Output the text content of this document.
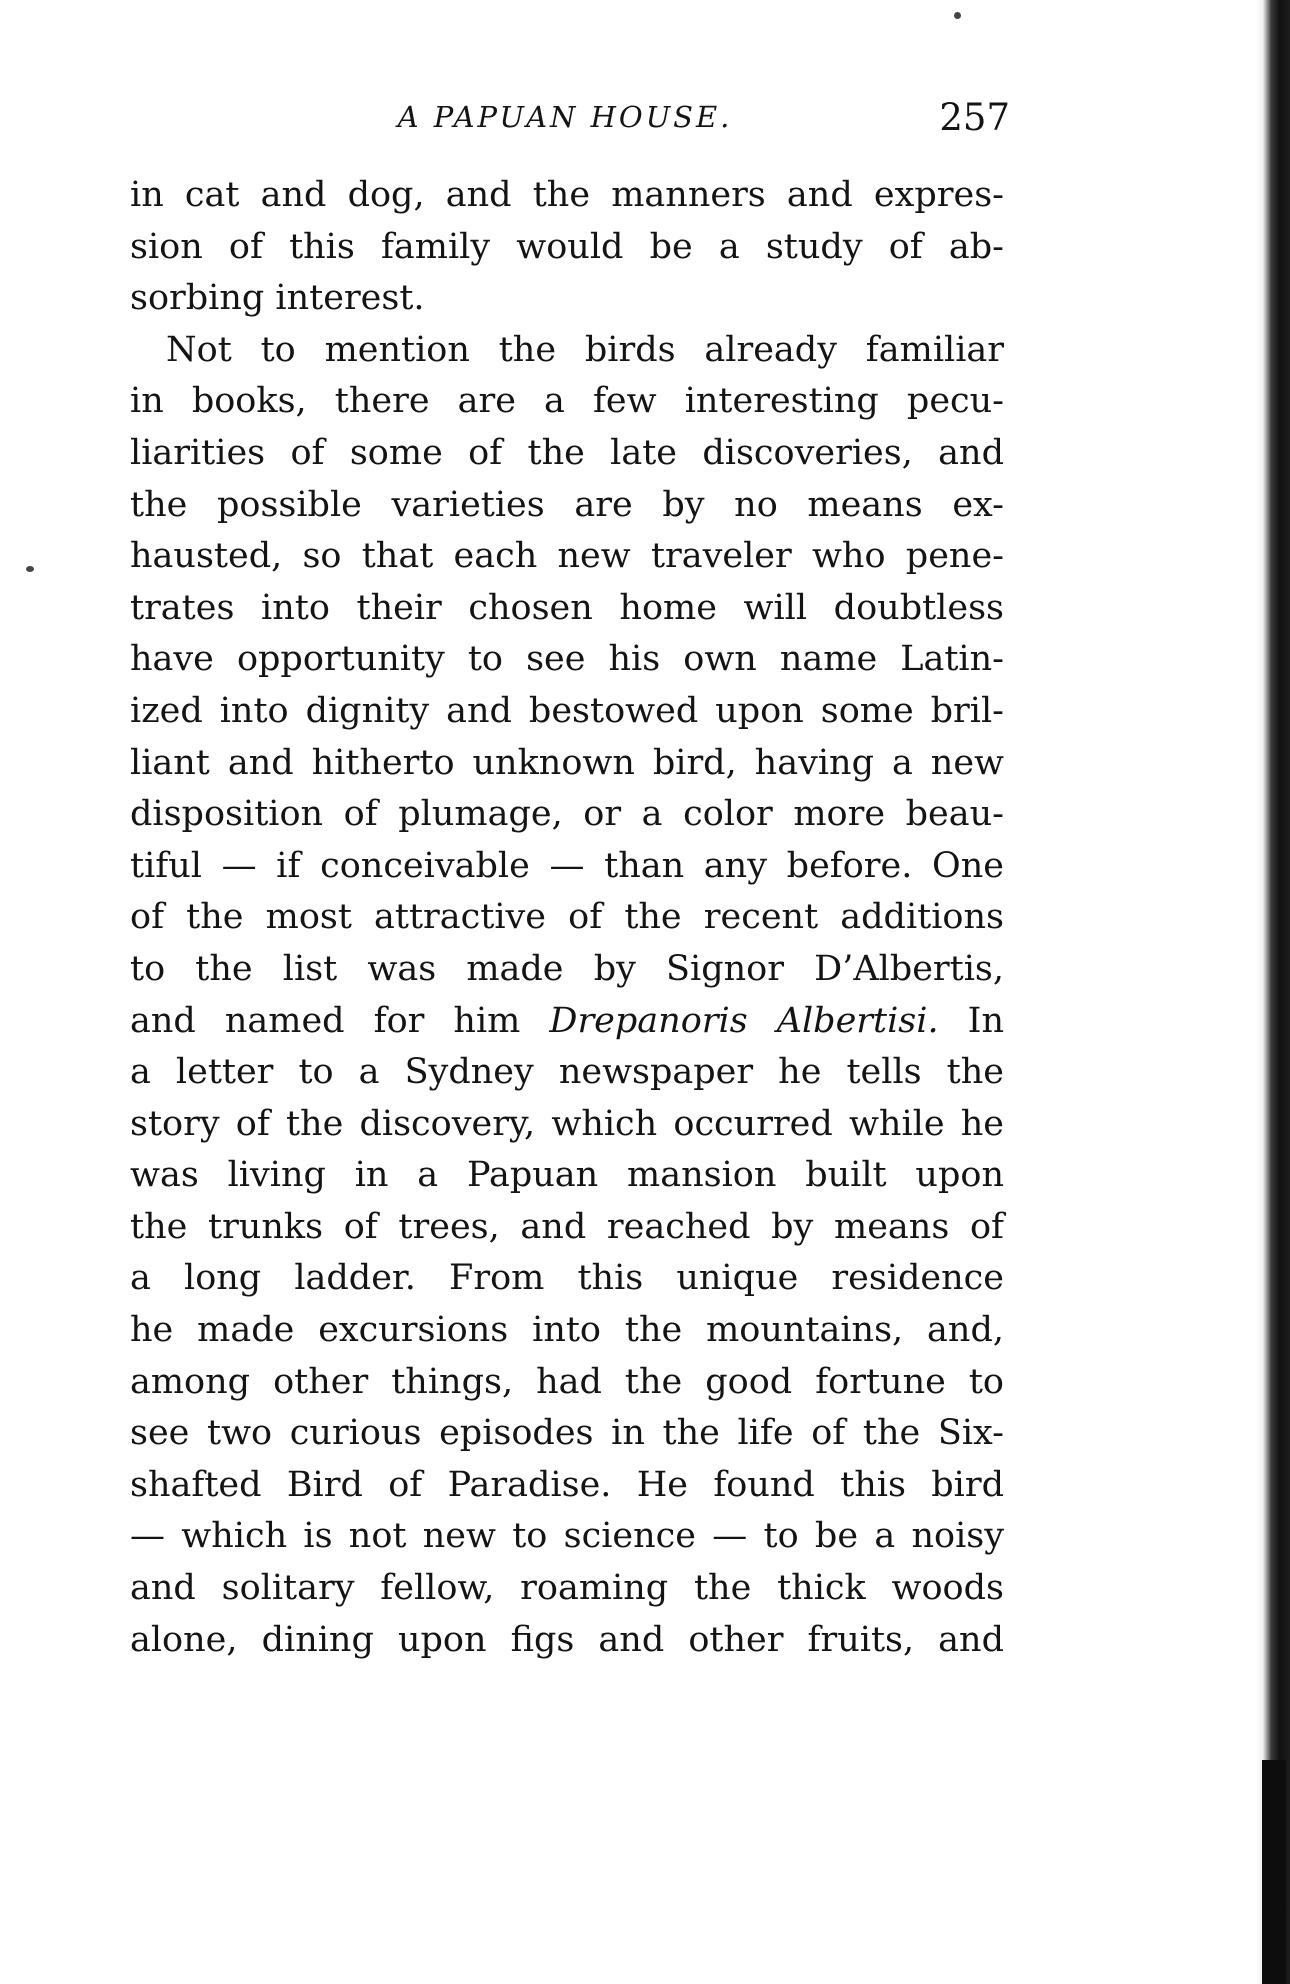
A PAPUAN HOUSE.	257
in cat and dog, and the manners and expres-
sion of this family would be a study of ab-
sorbing interest.
Not to mention the birds already familiar
in books, there are a few interesting pecu-
liarities of some of the late discoveries, and
the possible varieties are by no means ex-
hausted, so that each new traveler who pene-
trates into their chosen home will doubtless
have opportunity to see his own name Latin-
ized into dignity and bestowed upon some bril-
liant and hitherto unknown bird, having a new
disposition of plumage, or a color more beau-
tiful — if conceivable — than any before. One
of the most attractive of the recent additions
to the list was made by Signor D’Albertis,
and named for him Drepanoris Albertisi. In
a letter to a Sydney newspaper he tells the
story of the discovery, which occurred while he
was living in a Papuan mansion built upon
the trunks of trees, and reached by means of
a long ladder. From this unique residence
he made excursions into the mountains, and,
among other things, had the good fortune to
see two curious episodes in the life of the Six-
shafted Bird of Paradise. He found this bird
— which is not new to science — to be a noisy
and solitary fellow, roaming the thick woods
alone, dining upon figs and other fruits, and
